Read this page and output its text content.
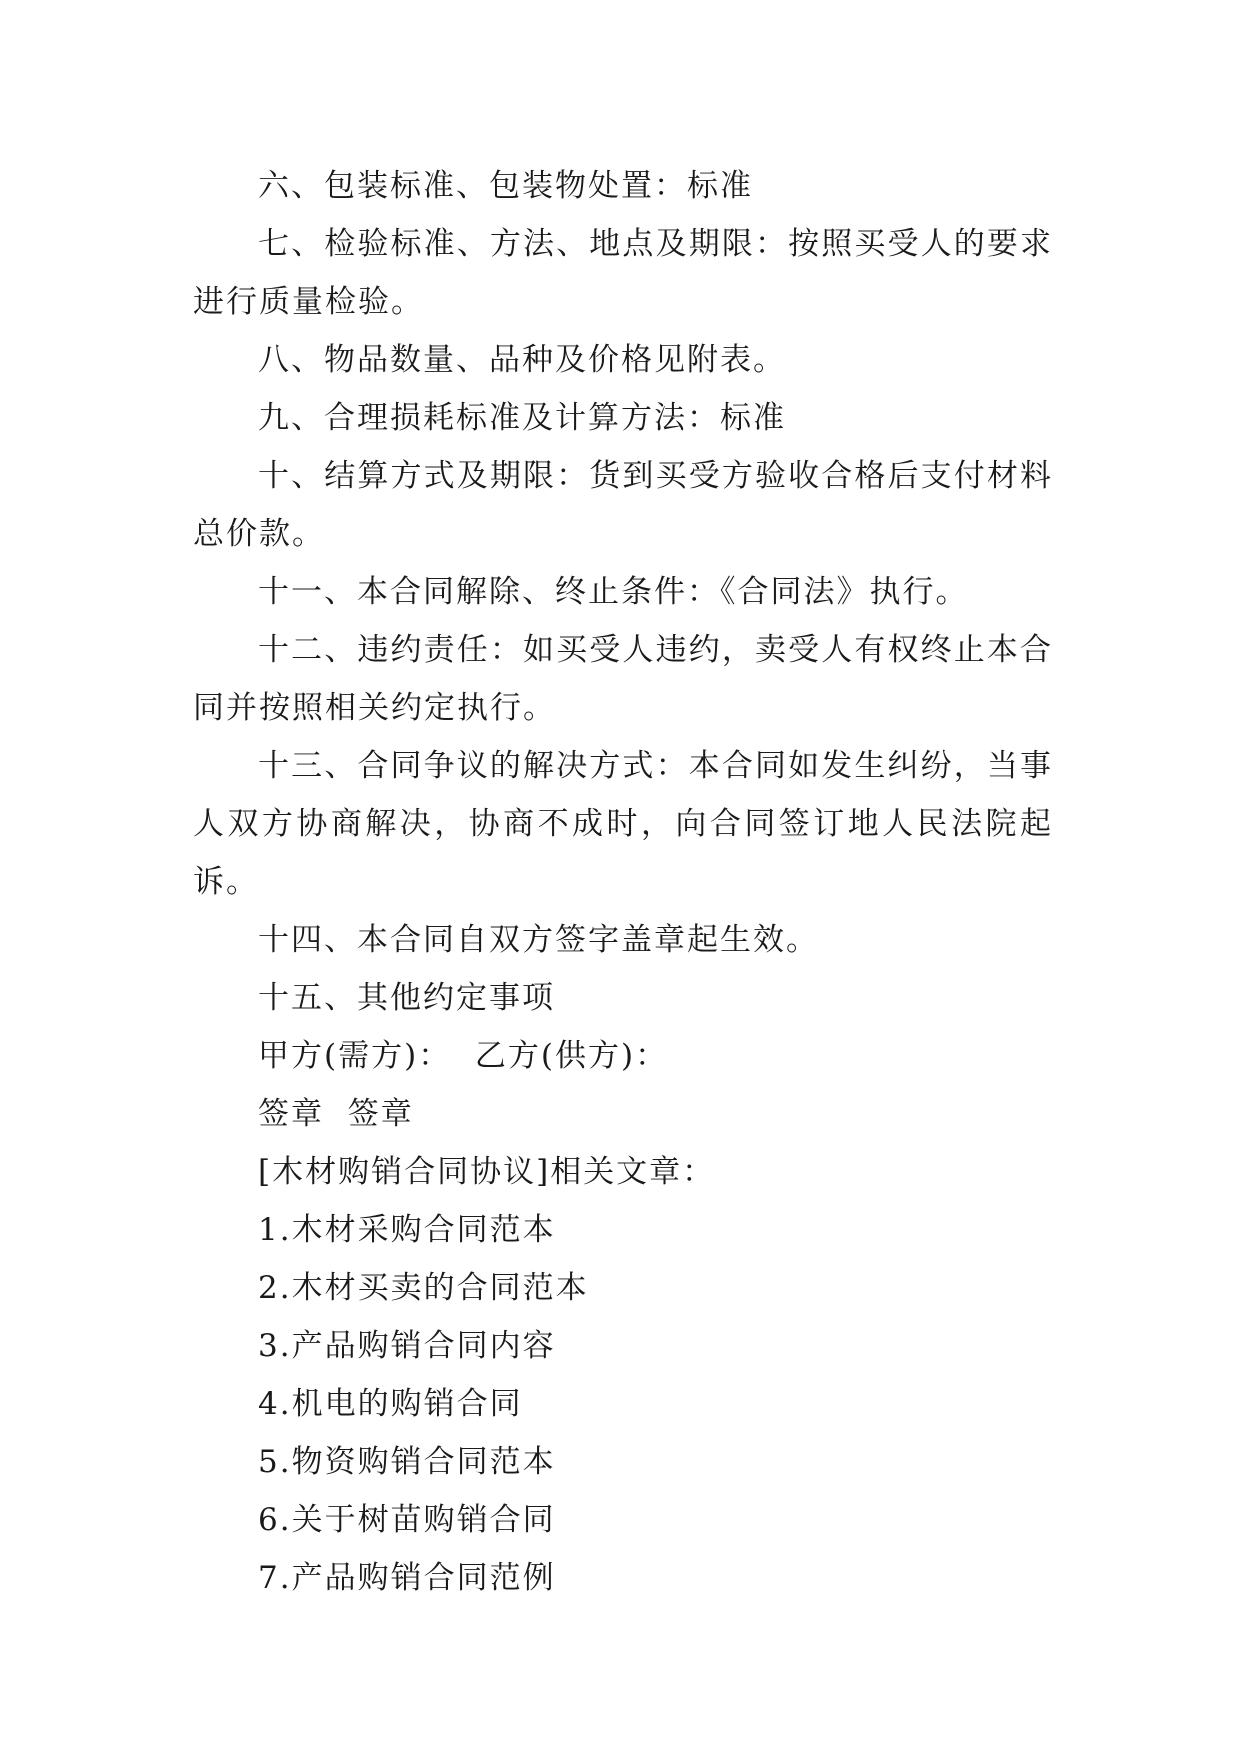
六、包装标准、包装物处置：标准

七、检验标准、方法、地点及期限：按照买受人的要求进行质量检验。

八、物品数量、品种及价格见附表。

九、合理损耗标准及计算方法：标准

十、结算方式及期限：货到买受方验收合格后支付材料总价款。

十一、本合同解除、终止条件：《合同法》执行。

十二、违约责任：如买受人违约，卖受人有权终止本合同并按照相关约定执行。

十三、合同争议的解决方式：本合同如发生纠纷，当事人双方协商解决，协商不成时，向合同签订地人民法院起诉。

十四、本合同自双方签字盖章起生效。

十五、其他约定事项

甲方(需方)：  乙方(供方)：

签章  签章

[木材购销合同协议]相关文章：

1.木材采购合同范本

2.木材买卖的合同范本

3.产品购销合同内容

4.机电的购销合同

5.物资购销合同范本

6.关于树苗购销合同

7.产品购销合同范例
